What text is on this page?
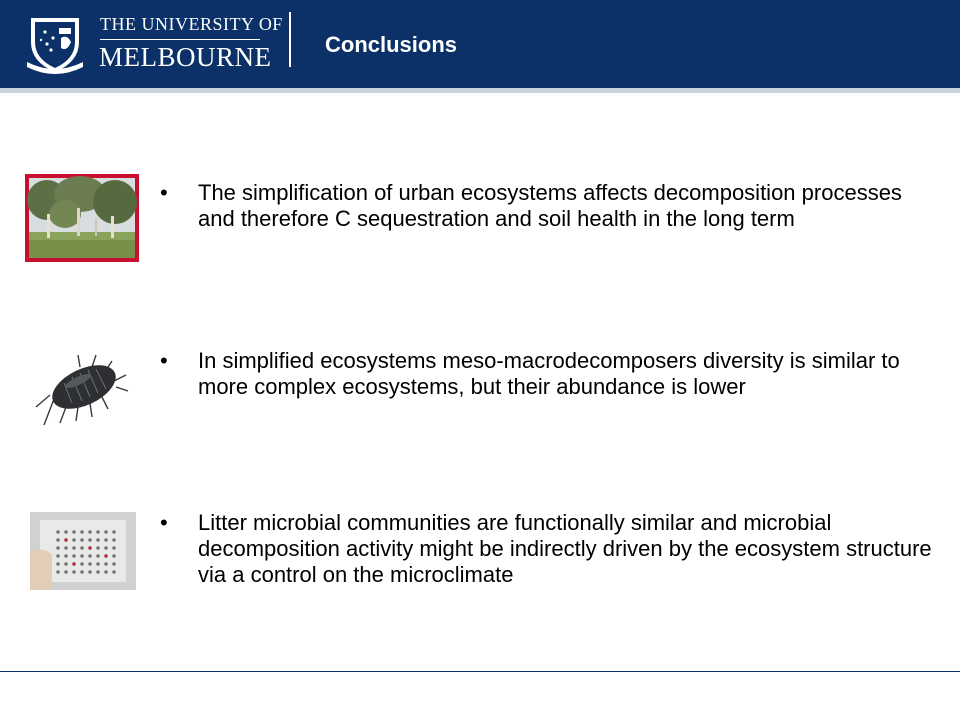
THE UNIVERSITY OF
MELBOURNE Conclusions
• The simplification of urban ecosystems affects decomposition processes and therefore C sequestration and soil health in the long term
• In simplified ecosystems meso-macrodecomposers diversity is similar to more complex ecosystems, but their abundance is lower
• Litter microbial communities are functionally similar and microbial decomposition activity might be indirectly driven by the ecosystem structure via a control on the microclimate
